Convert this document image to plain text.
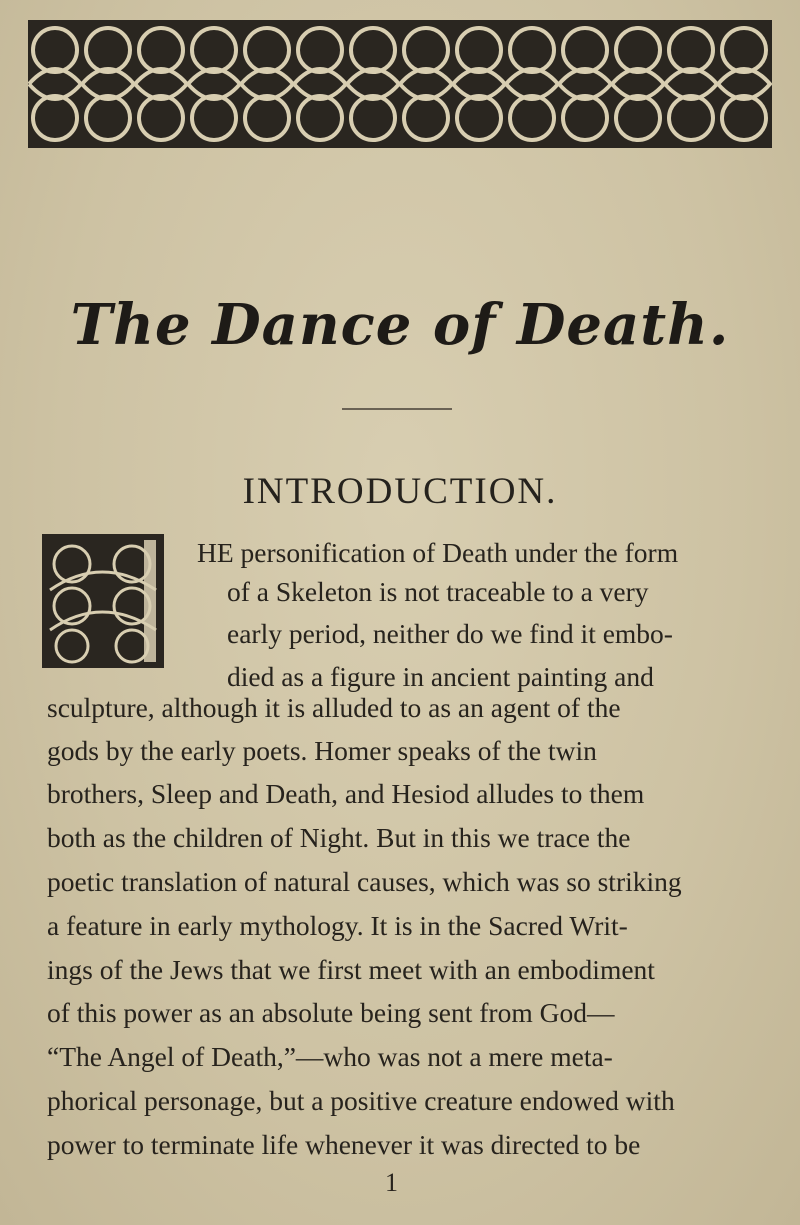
The Dance of Death.
INTRODUCTION.
HE personification of Death under the form
of a Skeleton is not traceable to a very
early period, neither do we find it embo-
died as a figure in ancient painting and
sculpture, although it is alluded to as an agent of the
gods by the early poets. Homer speaks of the twin
brothers, Sleep and Death, and Hesiod alludes to them
both as the children of Night. But in this we trace the
poetic translation of natural causes, which was so striking
a feature in early mythology. It is in the Sacred Writ-
ings of the Jews that we first meet with an embodiment
of this power as an absolute being sent from God—
“The Angel of Death,”—who was not a mere meta-
phorical personage, but a positive creature endowed with
power to terminate life whenever it was directed to be
1
